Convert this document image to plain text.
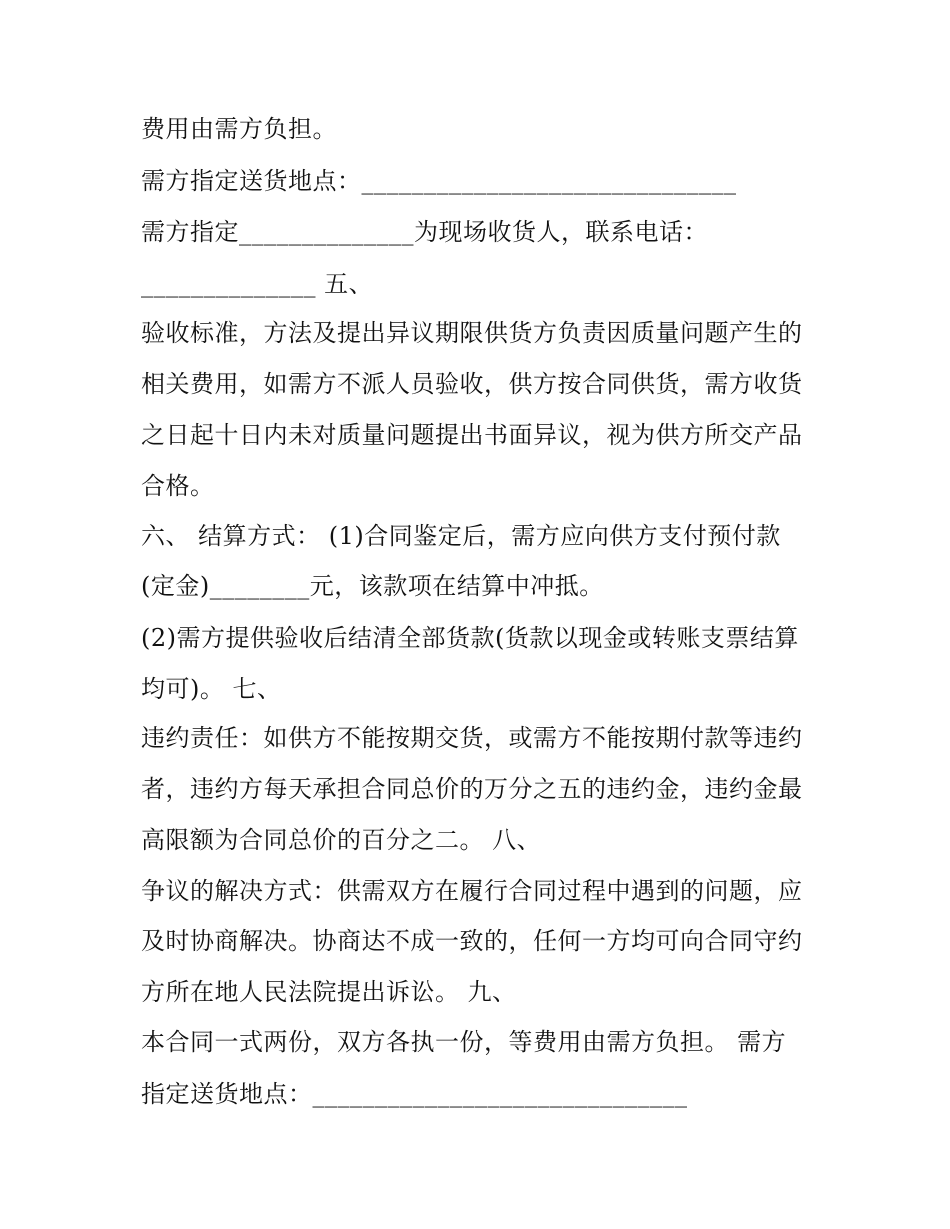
费用由需方负担。
需方指定送货地点：______________________________
需方指定______________为现场收货人，联系电话：
______________ 五、
验收标准，方法及提出异议期限供货方负责因质量问题产生的
相关费用，如需方不派人员验收，供方按合同供货，需方收货
之日起十日内未对质量问题提出书面异议，视为供方所交产品
合格。
六、 结算方式： (1)合同鉴定后，需方应向供方支付预付款
(定金)________元，该款项在结算中冲抵。
(2)需方提供验收后结清全部货款(货款以现金或转账支票结算
均可)。 七、
违约责任：如供方不能按期交货，或需方不能按期付款等违约
者，违约方每天承担合同总价的万分之五的违约金，违约金最
高限额为合同总价的百分之二。 八、
争议的解决方式：供需双方在履行合同过程中遇到的问题，应
及时协商解决。协商达不成一致的，任何一方均可向合同守约
方所在地人民法院提出诉讼。 九、
本合同一式两份，双方各执一份，等费用由需方负担。 需方
指定送货地点：______________________________
